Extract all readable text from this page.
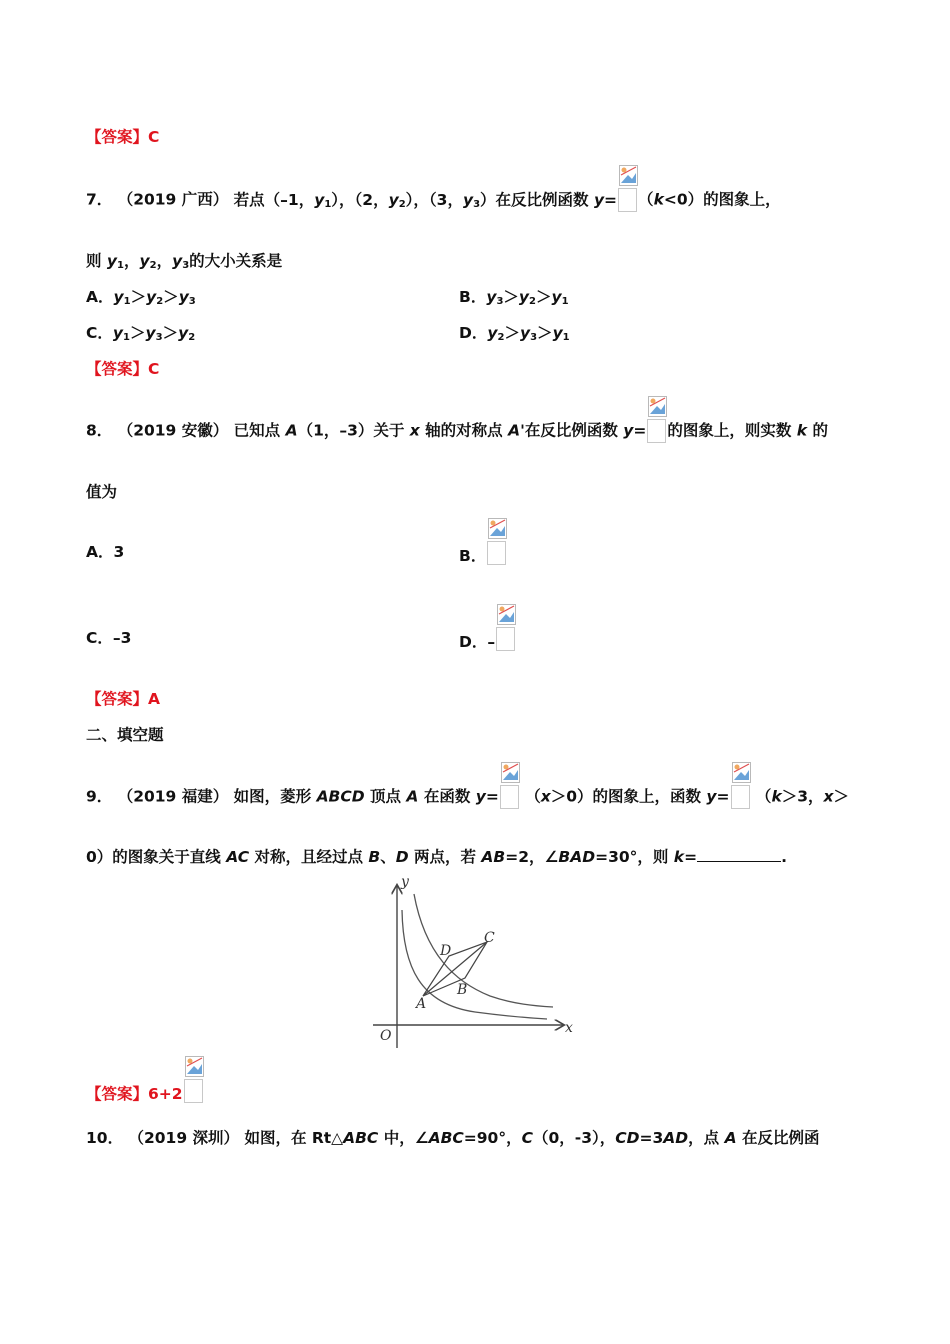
【答案】C
7． （2019 广西） 若点（–1，$y_1$），（2，$y_2$），（3，$y_3$）在反比例函数 y= （k<0）的图象上，
则 $y_1$，$y_2$，$y_3$的大小关系是
A．$y_1>y_2>y_3$	B．$y_3>y_2>y_1$
C．$y_1>y_3>y_2$	D．$y_2>y_3>y_1$
【答案】C
8． （2019 安徽） 已知点 A（1，–3）关于 x 轴的对称点 A'在反比例函数 y= 的图象上，则实数 k 的
值为
A．3	B．
C．–3	D．–
【答案】A
二、填空题
9． （2019 福建） 如图，菱形 ABCD 顶点 A 在函数 y=
（x＞0）的图象上，函数 y=
（k＞3，x＞
0）的图象关于直线 AC 对称，且经过点 B、D 两点，若 AB=2，∠BAD=30°，则 k=	.
y
x
O
A
B
C
D
【答案】6+2
10． （2019 深圳） 如图，在 Rt△ABC 中，∠ABC=90°，C（0，-3），CD=3AD，点 A 在反比例函
